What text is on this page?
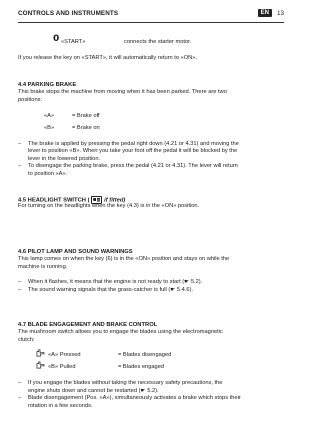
CONTROLS AND INSTRUMENTS	EN	13
0 «START»	connects the starter motor.
If you release the key on «START», it will automatically return to «ON».
4.4 PARKING BRAKE
This brake stops the machine from moving when it has been parked. There are two
positions:
«A»	= Brake off
«B»	= Brake on
– The brake is applied by pressing the pedal right down (4.21 or 4.31) and moving the
lever to position «B». When you take your foot off the pedal it will be blocked by the
lever in the lowered position.
– To disengage the parking brake, press the pedal (4.21 or 4.31). The lever will return
to position «A».
4.5 HEADLIGHT SWITCH ( if fitted)
For turning on the headlights when the key (4.3) is in the «ON» position.
4.6 PILOT LAMP AND SOUND WARNINGS
This lamp comes on when the key (6) is in the «ON» position and stays on while the
machine is running.
– When it flashes, it means that the engine is not ready to start (☛ 5.2).
– The sound warning signals that the grass-catcher is full (☛ 5.4.6).
4.7 BLADE ENGAGEMENT AND BRAKE CONTROL
The mushroom switch allows you to engage the blades using the electromagnetic
clutch:
«A» Pressed	= Blades disengaged
«B» Pulled	= Blades engaged
– If you engage the blades without taking the necessary safety precautions, the
engine shuts down and cannot be restarted (☛ 5.2).
– Blade disengagement (Pos. «A»), simultaneously activates a brake which stops their
rotation in a few seconds.
